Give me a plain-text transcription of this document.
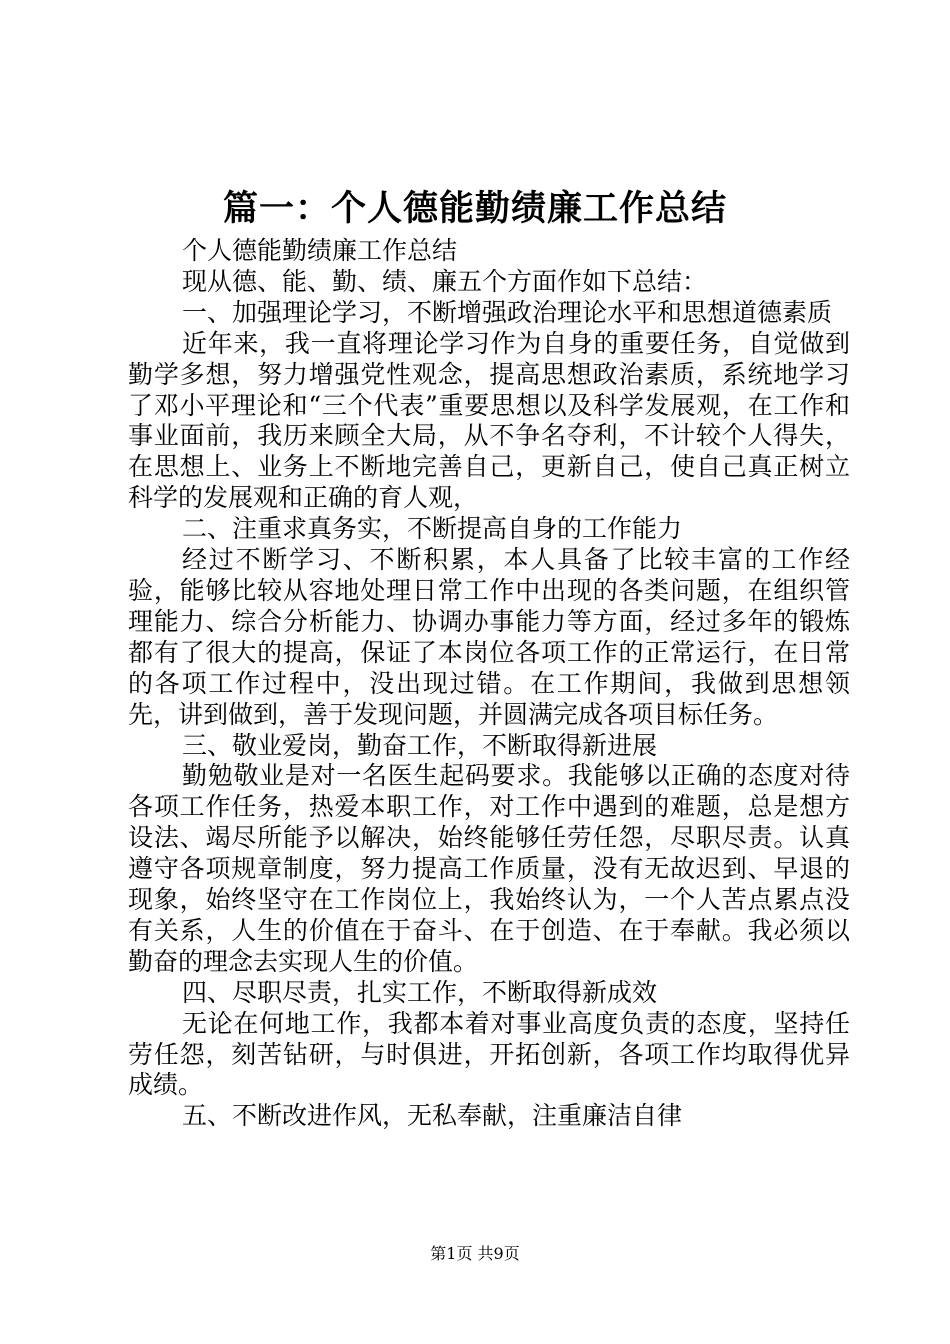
篇一：个人德能勤绩廉工作总结

个人德能勤绩廉工作总结

现从德、能、勤、绩、廉五个方面作如下总结：

一、加强理论学习，不断增强政治理论水平和思想道德素质

近年来，我一直将理论学习作为自身的重要任务，自觉做到勤学多想，努力增强党性观念，提高思想政治素质，系统地学习了邓小平理论和“三个代表”重要思想以及科学发展观，在工作和事业面前，我历来顾全大局，从不争名夺利，不计较个人得失，在思想上、业务上不断地完善自己，更新自己，使自己真正树立科学的发展观和正确的育人观，

二、注重求真务实，不断提高自身的工作能力

经过不断学习、不断积累，本人具备了比较丰富的工作经验，能够比较从容地处理日常工作中出现的各类问题，在组织管理能力、综合分析能力、协调办事能力等方面，经过多年的锻炼都有了很大的提高，保证了本岗位各项工作的正常运行，在日常的各项工作过程中，没出现过错。在工作期间，我做到思想领先，讲到做到，善于发现问题，并圆满完成各项目标任务。

三、敬业爱岗，勤奋工作，不断取得新进展

勤勉敬业是对一名医生起码要求。我能够以正确的态度对待各项工作任务，热爱本职工作，对工作中遇到的难题，总是想方设法、竭尽所能予以解决，始终能够任劳任怨，尽职尽责。认真遵守各项规章制度，努力提高工作质量，没有无故迟到、早退的现象，始终坚守在工作岗位上，我始终认为，一个人苦点累点没有关系，人生的价值在于奋斗、在于创造、在于奉献。我必须以勤奋的理念去实现人生的价值。

四、尽职尽责，扎实工作，不断取得新成效

无论在何地工作，我都本着对事业高度负责的态度，坚持任劳任怨，刻苦钻研，与时俱进，开拓创新，各项工作均取得优异成绩。

五、不断改进作风，无私奉献，注重廉洁自律

第1页 共9页
